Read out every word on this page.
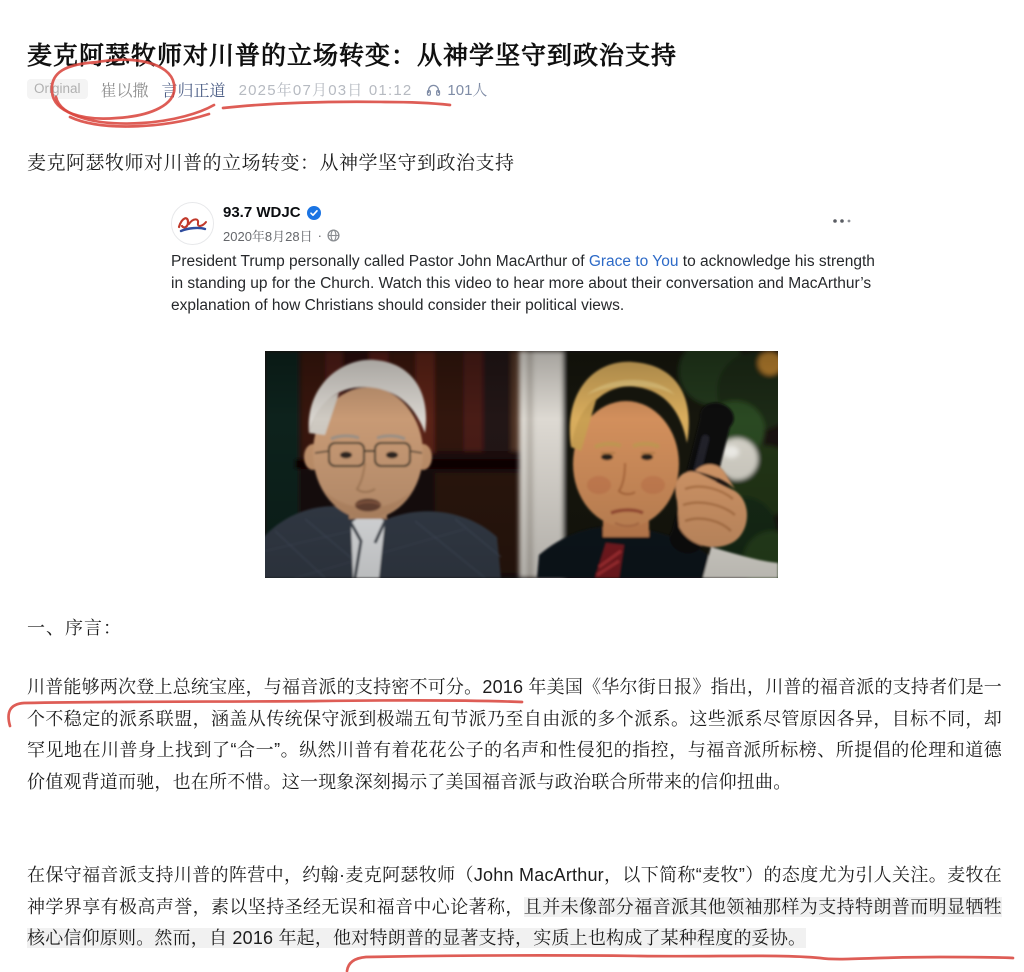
麦克阿瑟牧师对川普的立场转变：从神学坚守到政治支持
Original	崔以撒 言归正道 2025年07月03日 01:12 101人
麦克阿瑟牧师对川普的立场转变：从神学坚守到政治支持
93.7 WDJC
2020年8月28日 ·
President Trump personally called Pastor John MacArthur of Grace to You to acknowledge his strength in standing up for the Church. Watch this video to hear more about their conversation and MacArthur’s explanation of how Christians should consider their political views.
一、序言：
川普能够两次登上总统宝座，与福音派的支持密不可分。2016 年美国《华尔街日报》指出，川普的福音派的支持者们是一个不稳定的派系联盟，涵盖从传统保守派到极端五旬节派乃至自由派的多个派系。这些派系尽管原因各异，目标不同，却罕见地在川普身上找到了“合一”。纵然川普有着花花公子的名声和性侵犯的指控，与福音派所标榜、所提倡的伦理和道德价值观背道而驰，也在所不惜。这一现象深刻揭示了美国福音派与政治联合所带来的信仰扭曲。
在保守福音派支持川普的阵营中，约翰·麦克阿瑟牧师（John MacArthur，以下简称“麦牧”）的态度尤为引人关注。麦牧在神学界享有极高声誉，素以坚持圣经无误和福音中心论著称，且并未像部分福音派其他领袖那样为支持特朗普而明显牺牲核心信仰原则。然而，自 2016 年起，他对特朗普的显著支持，实质上也构成了某种程度的妥协。
